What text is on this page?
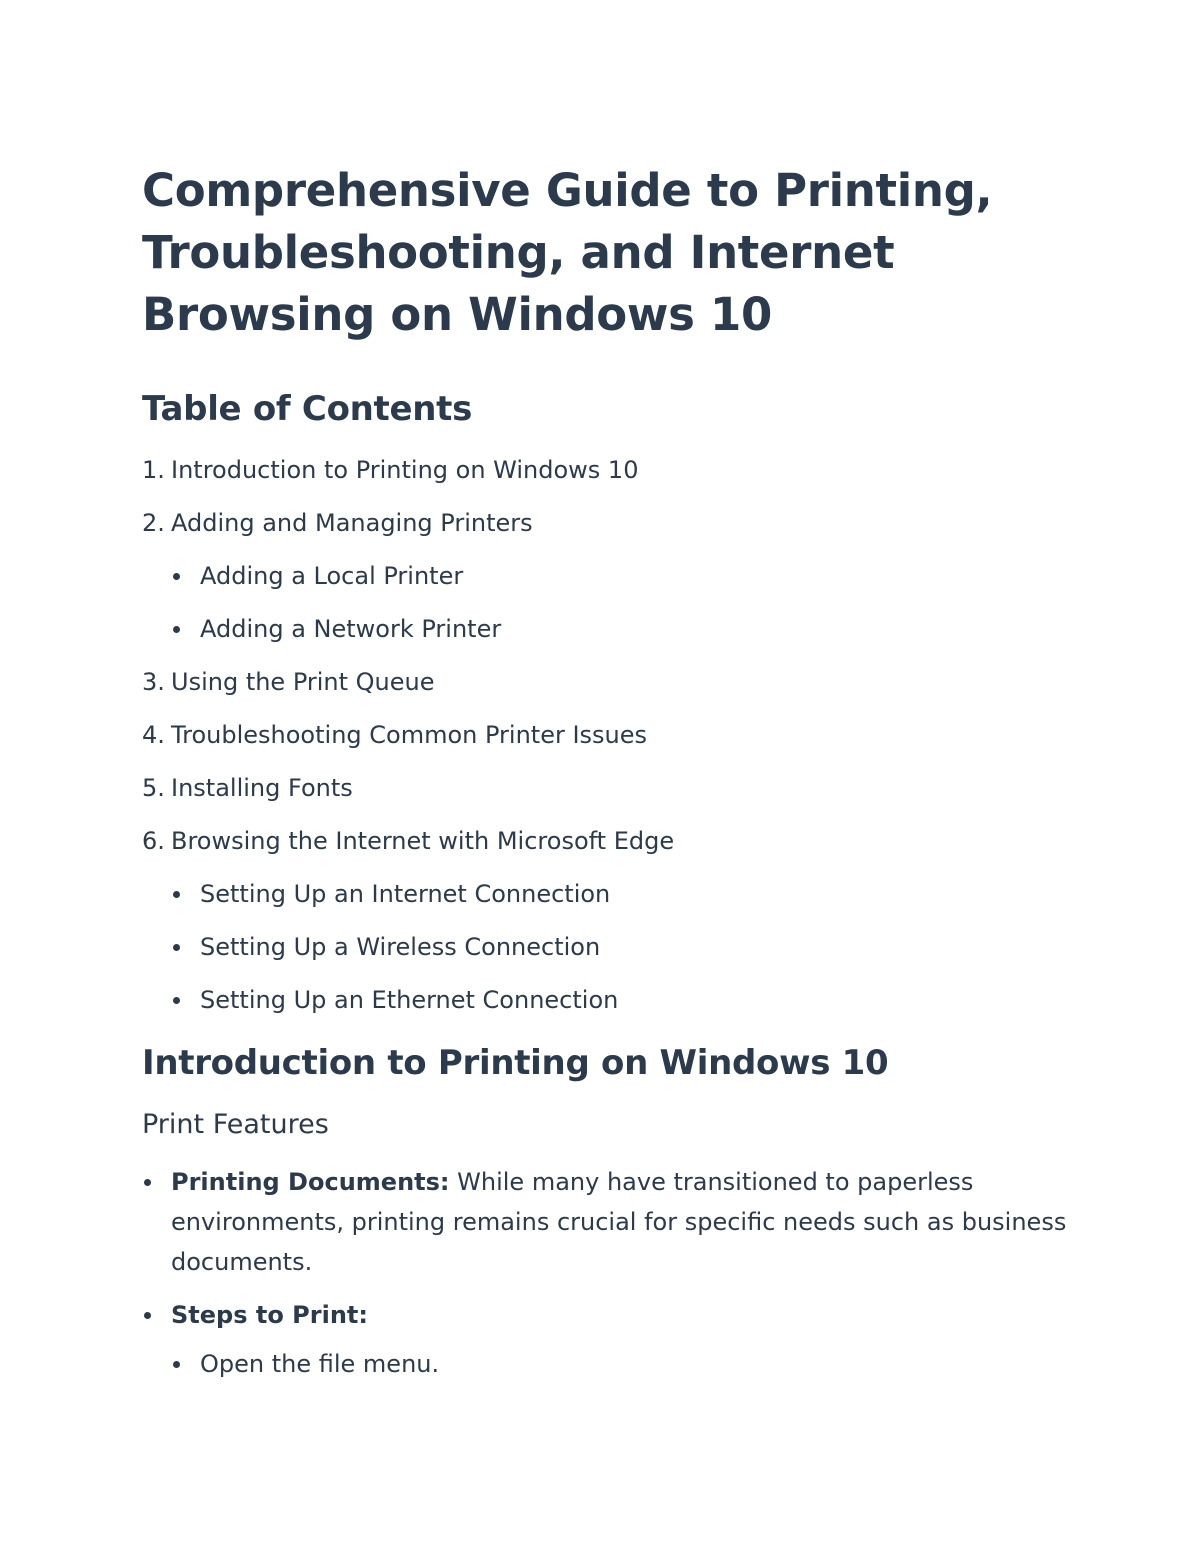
Comprehensive Guide to Printing, Troubleshooting, and Internet Browsing on Windows 10
Table of Contents
1. Introduction to Printing on Windows 10
2. Adding and Managing Printers
Adding a Local Printer
Adding a Network Printer
3. Using the Print Queue
4. Troubleshooting Common Printer Issues
5. Installing Fonts
6. Browsing the Internet with Microsoft Edge
Setting Up an Internet Connection
Setting Up a Wireless Connection
Setting Up an Ethernet Connection
Introduction to Printing on Windows 10
Print Features
Printing Documents: While many have transitioned to paperless environments, printing remains crucial for specific needs such as business documents.
Steps to Print:
Open the file menu.
